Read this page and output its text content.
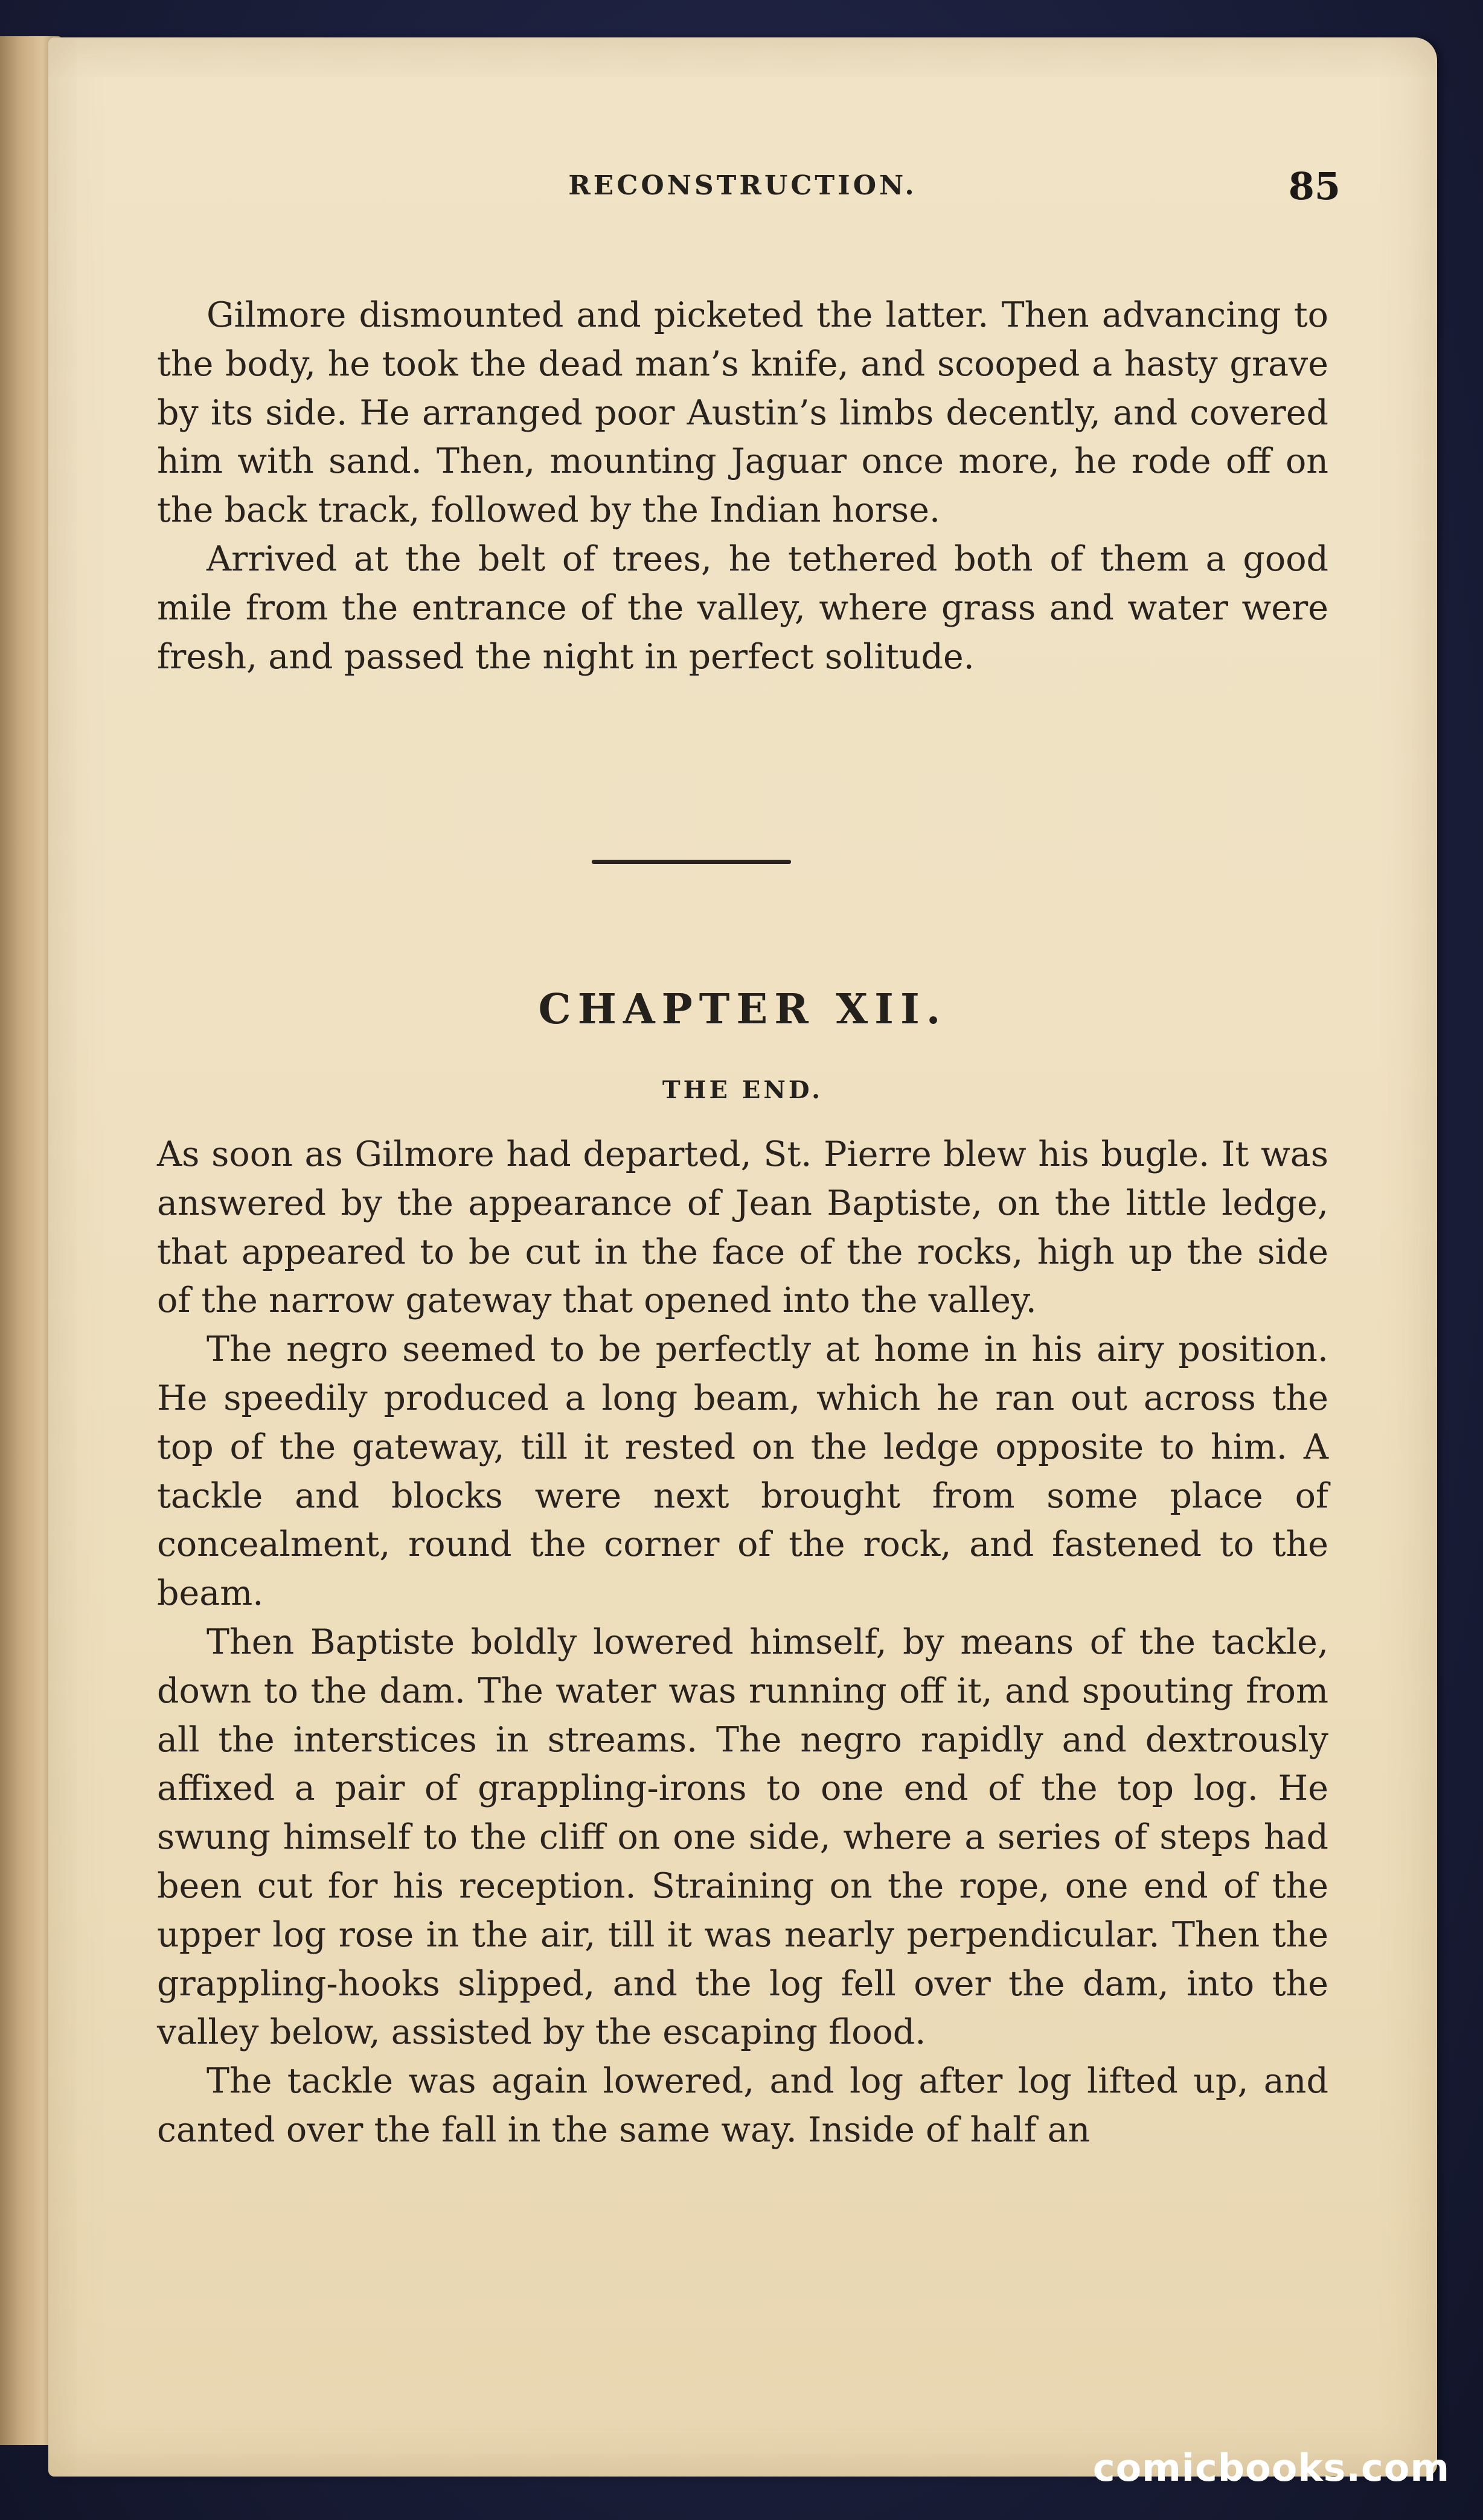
RECONSTRUCTION.	85

Gilmore dismounted and picketed the latter. Then advancing to the body, he took the dead man’s knife, and scooped a hasty grave by its side. He arranged poor Austin’s limbs decently, and covered him with sand. Then, mounting Jaguar once more, he rode off on the back track, followed by the Indian horse.

Arrived at the belt of trees, he tethered both of them a good mile from the entrance of the valley, where grass and water were fresh, and passed the night in perfect solitude.

CHAPTER XII.
THE END.

As soon as Gilmore had departed, St. Pierre blew his bugle. It was answered by the appearance of Jean Baptiste, on the little ledge, that appeared to be cut in the face of the rocks, high up the side of the narrow gateway that opened into the valley.

The negro seemed to be perfectly at home in his airy position. He speedily produced a long beam, which he ran out across the top of the gateway, till it rested on the ledge opposite to him. A tackle and blocks were next brought from some place of concealment, round the corner of the rock, and fastened to the beam.

Then Baptiste boldly lowered himself, by means of the tackle, down to the dam. The water was running off it, and spouting from all the interstices in streams. The negro rapidly and dextrously affixed a pair of grappling-irons to one end of the top log. He swung himself to the cliff on one side, where a series of steps had been cut for his reception. Straining on the rope, one end of the upper log rose in the air, till it was nearly perpendicular. Then the grappling-hooks slipped, and the log fell over the dam, into the valley below, assisted by the escaping flood.

The tackle was again lowered, and log after log lifted up, and canted over the fall in the same way. Inside of half an

comicbooks.com
